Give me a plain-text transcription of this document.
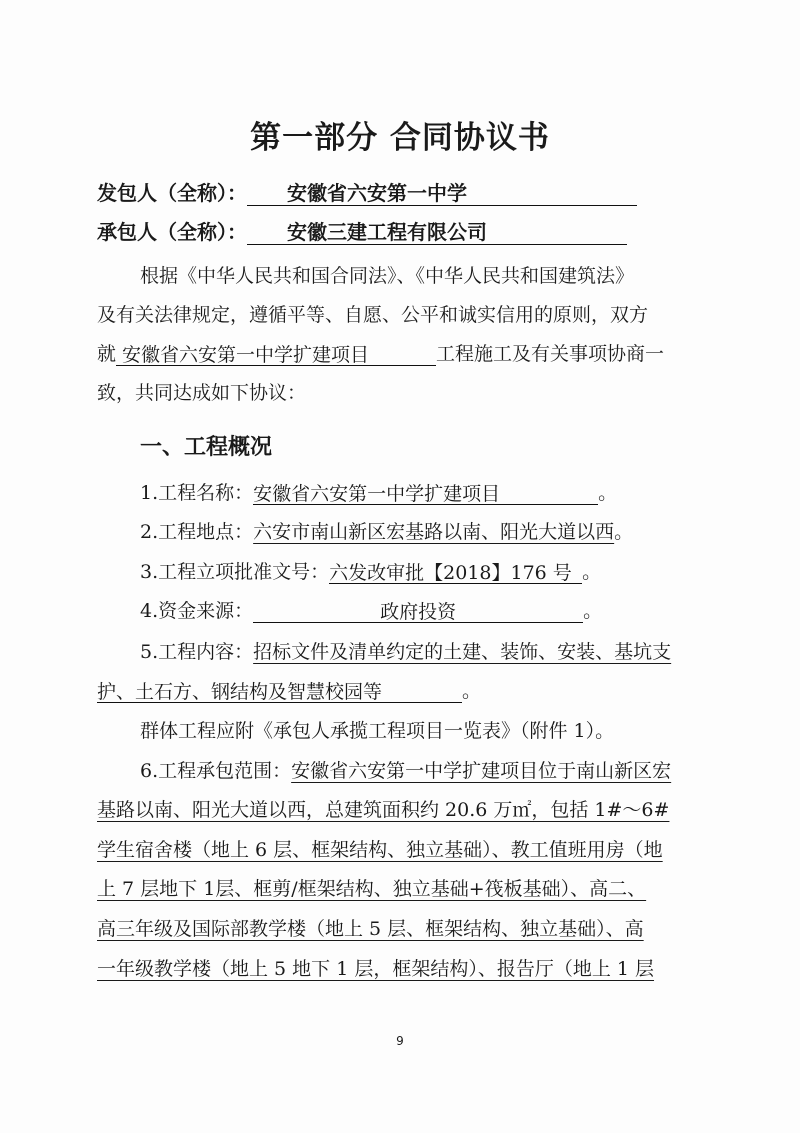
第一部分 合同协议书
发包人（全称）： 安徽省六安第一中学
承包人（全称）： 安徽三建工程有限公司
根据《中华人民共和国合同法》、《中华人民共和国建筑法》
及有关法律规定，遵循平等、自愿、公平和诚实信用的原则，双方
就 安徽省六安第一中学扩建项目	工程施工及有关事项协商一
致，共同达成如下协议：
一、工程概况
1.工程名称：安徽省六安第一中学扩建项目	。
2.工程地点：六安市南山新区宏基路以南、阳光大道以西。
3.工程立项批准文号：六发改审批【2018】176 号 。
4.资金来源：	政府投资	。
5.工程内容：招标文件及清单约定的土建、装饰、安装、基坑支
护、土石方、钢结构及智慧校园等	。
群体工程应附《承包人承揽工程项目一览表》（附件 1）。
6.工程承包范围：安徽省六安第一中学扩建项目位于南山新区宏
基路以南、阳光大道以西，总建筑面积约 20.6 万㎡，包括 1#～6#
学生宿舍楼（地上 6 层、框架结构、独立基础）、教工值班用房（地
上 7 层地下 1层、框剪/框架结构、独立基础+筏板基础）、高二、
高三年级及国际部教学楼（地上 5 层、框架结构、独立基础）、高
一年级教学楼（地上 5 地下 1 层，框架结构）、报告厅（地上 1 层
9
